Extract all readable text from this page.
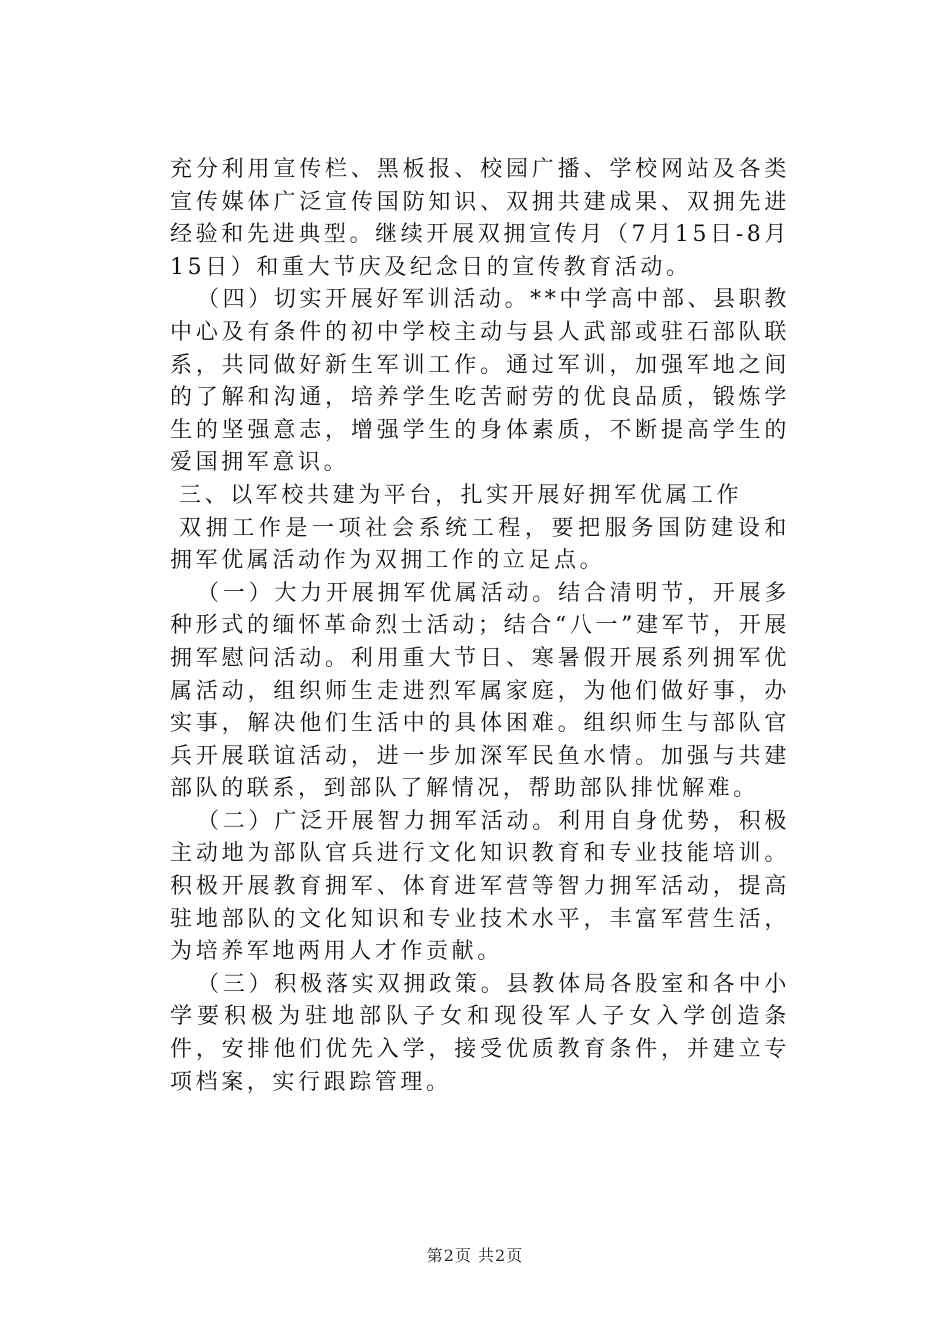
充分利用宣传栏、黑板报、校园广播、学校网站及各类宣传媒体广泛宣传国防知识、双拥共建成果、双拥先进经验和先进典型。继续开展双拥宣传月（7月15日-8月15日）和重大节庆及纪念日的宣传教育活动。

（四）切实开展好军训活动。**中学高中部、县职教中心及有条件的初中学校主动与县人武部或驻石部队联系，共同做好新生军训工作。通过军训，加强军地之间的了解和沟通，培养学生吃苦耐劳的优良品质，锻炼学生的坚强意志，增强学生的身体素质，不断提高学生的爱国拥军意识。

三、以军校共建为平台，扎实开展好拥军优属工作

双拥工作是一项社会系统工程，要把服务国防建设和拥军优属活动作为双拥工作的立足点。

（一）大力开展拥军优属活动。结合清明节，开展多种形式的缅怀革命烈士活动；结合“八一”建军节，开展拥军慰问活动。利用重大节日、寒暑假开展系列拥军优属活动，组织师生走进烈军属家庭，为他们做好事，办实事，解决他们生活中的具体困难。组织师生与部队官兵开展联谊活动，进一步加深军民鱼水情。加强与共建部队的联系，到部队了解情况，帮助部队排忧解难。

（二）广泛开展智力拥军活动。利用自身优势，积极主动地为部队官兵进行文化知识教育和专业技能培训。积极开展教育拥军、体育进军营等智力拥军活动，提高驻地部队的文化知识和专业技术水平，丰富军营生活，为培养军地两用人才作贡献。

（三）积极落实双拥政策。县教体局各股室和各中小学要积极为驻地部队子女和现役军人子女入学创造条件，安排他们优先入学，接受优质教育条件，并建立专项档案，实行跟踪管理。

第2页 共2页
